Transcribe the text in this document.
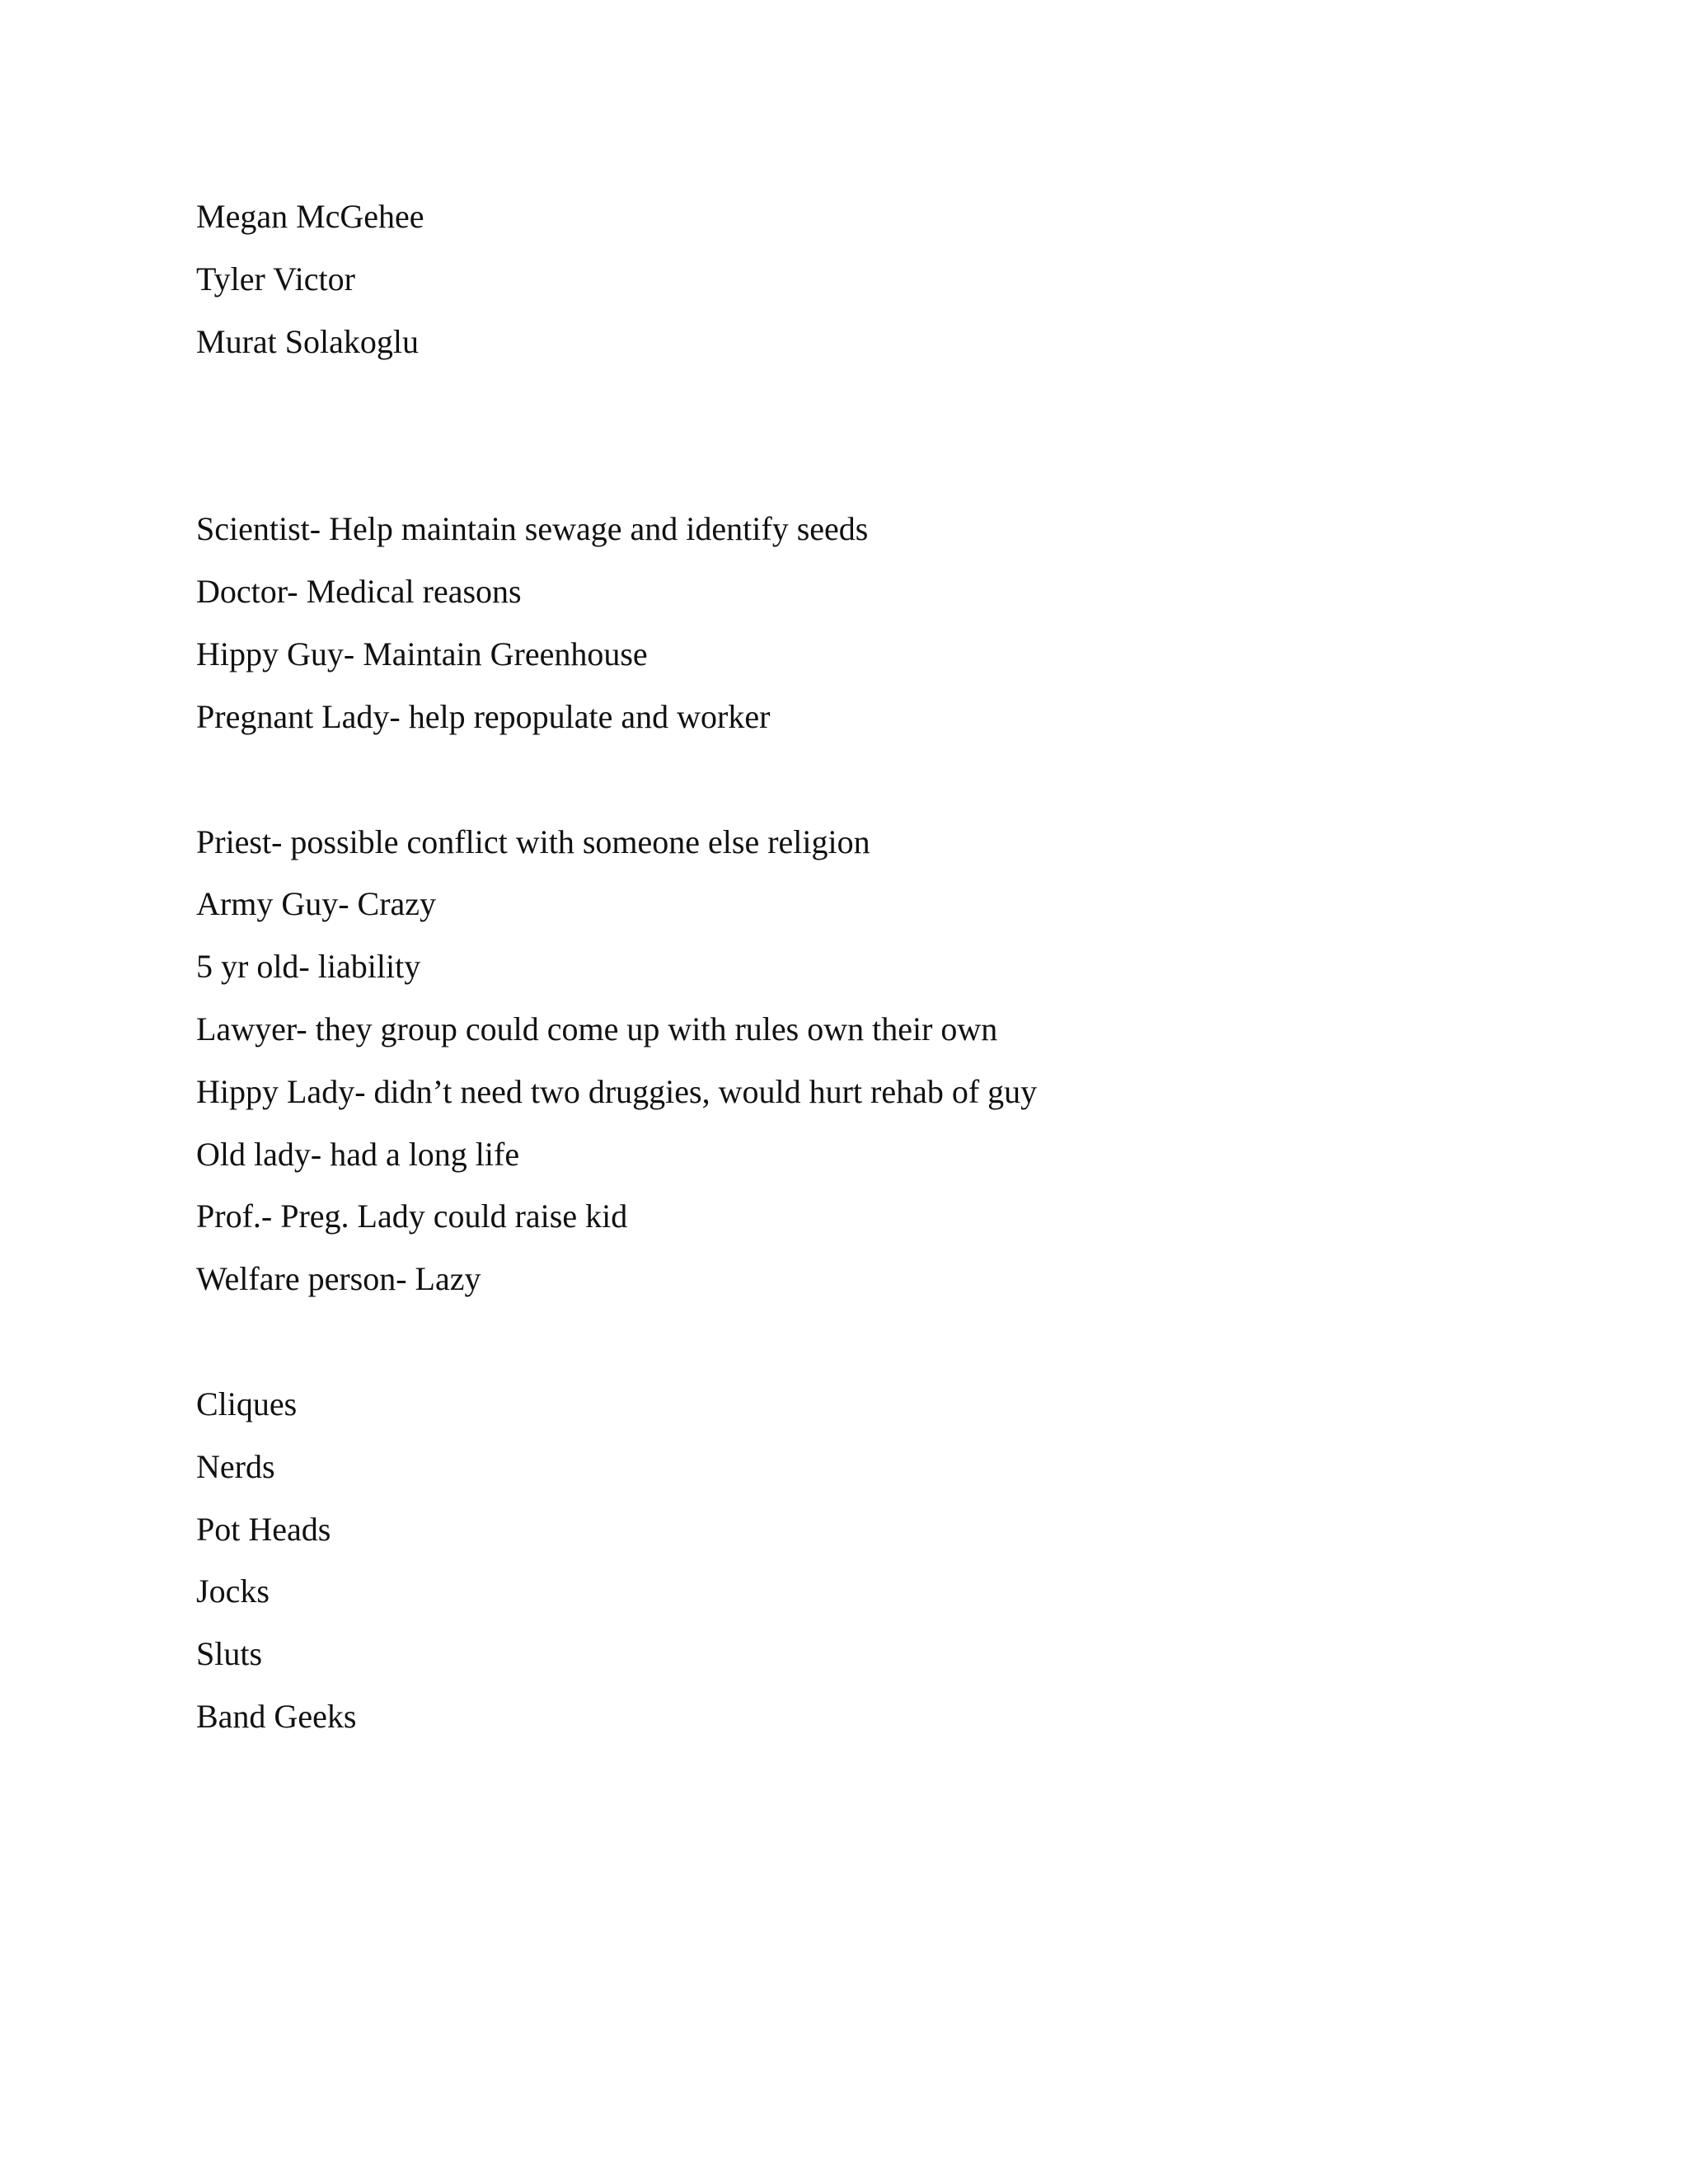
Megan McGehee

Tyler Victor

Murat Solakoglu

Scientist- Help maintain sewage and identify seeds

Doctor- Medical reasons

Hippy Guy- Maintain Greenhouse

Pregnant Lady- help repopulate and worker

Priest- possible conflict with someone else religion

Army Guy- Crazy

5 yr old- liability

Lawyer- they group could come up with rules own their own

Hippy Lady- didn’t need two druggies, would hurt rehab of guy

Old lady- had a long life

Prof.- Preg. Lady could raise kid

Welfare person- Lazy

Cliques

Nerds

Pot Heads

Jocks

Sluts

Band Geeks
